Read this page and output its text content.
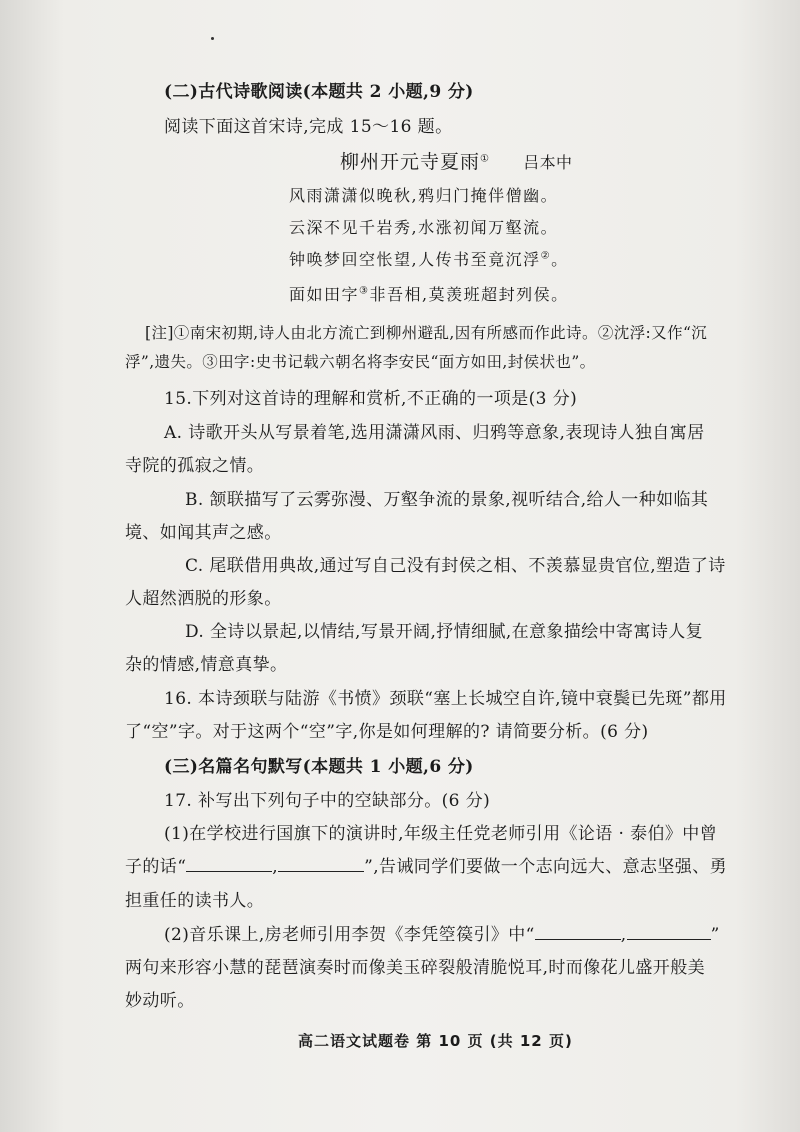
(二)古代诗歌阅读(本题共 2 小题,9 分)
阅读下面这首宋诗,完成 15～16 题。
柳州开元寺夏雨① 吕本中
风雨潇潇似晚秋,鸦归门掩伴僧幽。
云深不见千岩秀,水涨初闻万壑流。
钟唤梦回空怅望,人传书至竟沉浮②。
面如田字③非吾相,莫羡班超封列侯。
[注]①南宋初期,诗人由北方流亡到柳州避乱,因有所感而作此诗。②沈浮:又作“沉
浮”,遗失。③田字:史书记载六朝名将李安民“面方如田,封侯状也”。
15.下列对这首诗的理解和赏析,不正确的一项是(3 分)
A. 诗歌开头从写景着笔,选用潇潇风雨、归鸦等意象,表现诗人独自寓居
寺院的孤寂之情。
B. 颔联描写了云雾弥漫、万壑争流的景象,视听结合,给人一种如临其
境、如闻其声之感。
C. 尾联借用典故,通过写自己没有封侯之相、不羡慕显贵官位,塑造了诗
人超然洒脱的形象。
D. 全诗以景起,以情结,写景开阔,抒情细腻,在意象描绘中寄寓诗人复
杂的情感,情意真挚。
16. 本诗颈联与陆游《书愤》颈联“塞上长城空自许,镜中衰鬓已先斑”都用
了“空”字。对于这两个“空”字,你是如何理解的? 请简要分析。(6 分)
(三)名篇名句默写(本题共 1 小题,6 分)
17. 补写出下列句子中的空缺部分。(6 分)
(1)在学校进行国旗下的演讲时,年级主任党老师引用《论语 · 泰伯》中曾
子的话“	,	”,告诫同学们要做一个志向远大、意志坚强、勇
担重任的读书人。
(2)音乐课上,房老师引用李贺《李凭箜篌引》中“	,	”
两句来形容小慧的琵琶演奏时而像美玉碎裂般清脆悦耳,时而像花儿盛开般美
妙动听。
高二语文试题卷 第 10 页 (共 12 页)
